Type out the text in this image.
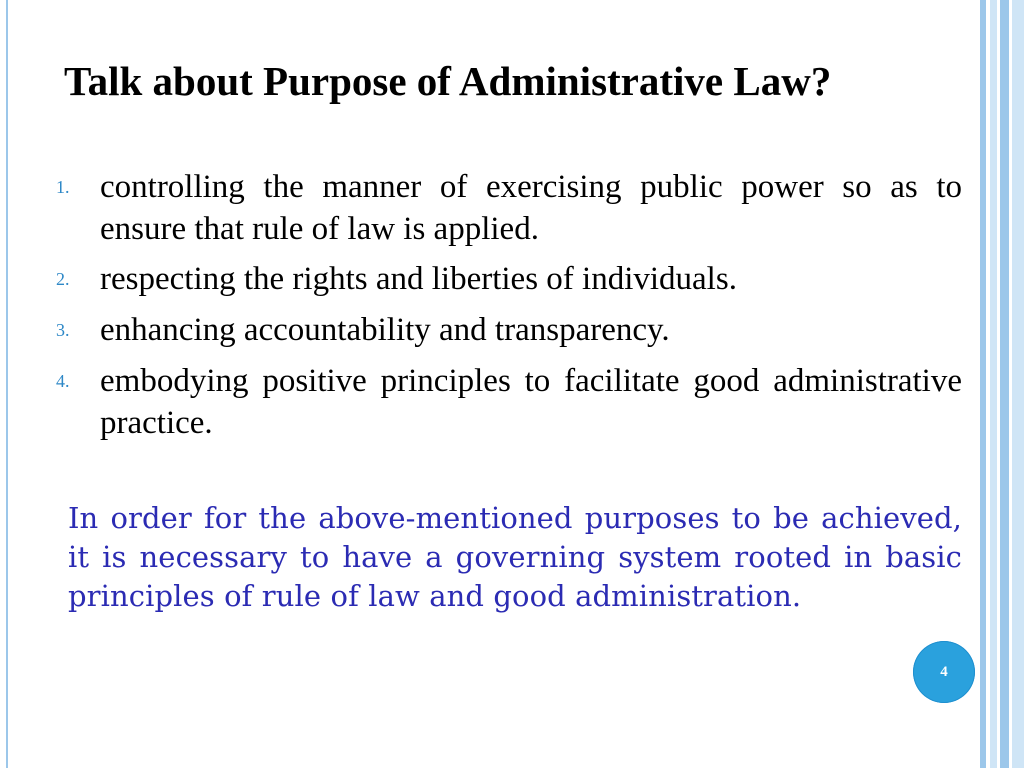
Talk about Purpose of Administrative Law?
1. controlling the manner of exercising public power so as to ensure that rule of law is applied.
2. respecting the rights and liberties of individuals.
3. enhancing accountability and transparency.
4. embodying positive principles to facilitate good administrative practice.
In order for the above-mentioned purposes to be achieved, it is necessary to have a governing system rooted in basic principles of rule of law and good administration.
4
